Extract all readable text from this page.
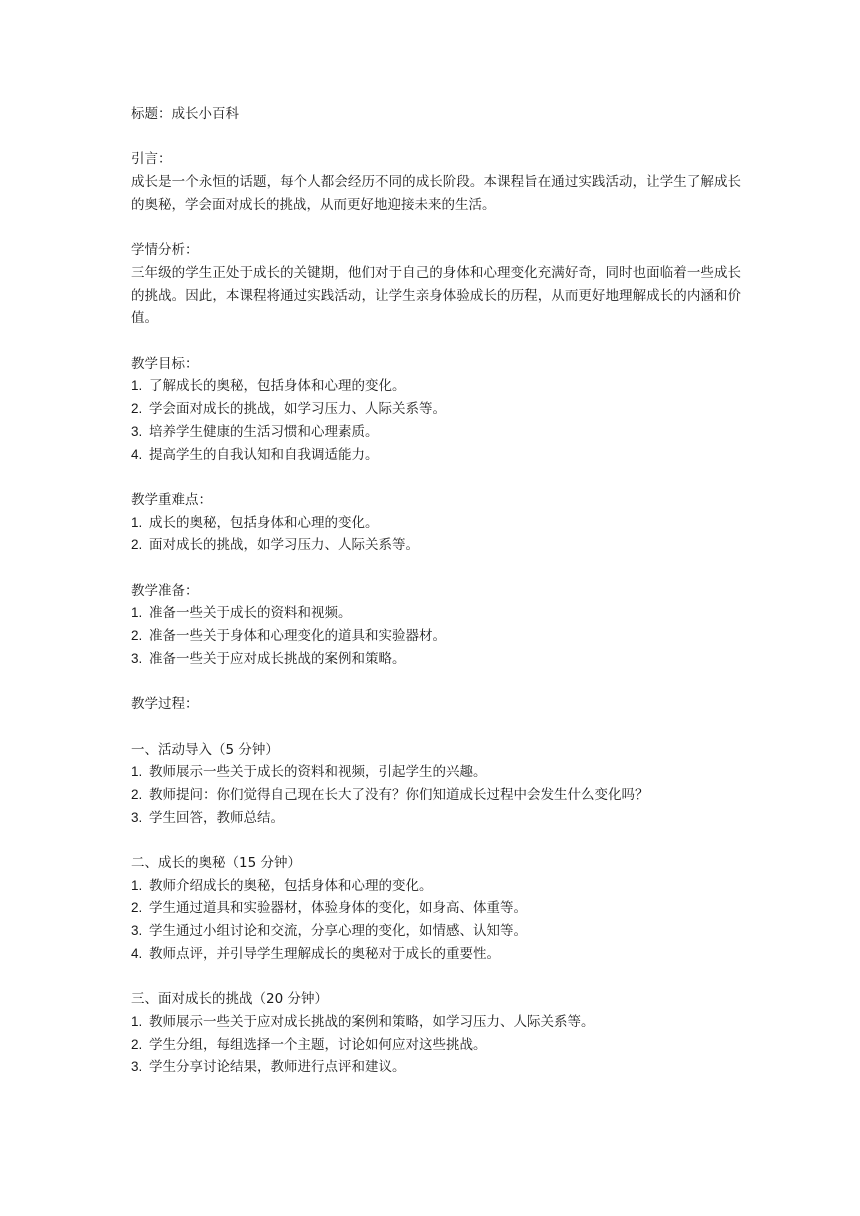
标题：成长小百科
引言：
成长是一个永恒的话题，每个人都会经历不同的成长阶段。本课程旨在通过实践活动，让学生了解成长的奥秘，学会面对成长的挑战，从而更好地迎接未来的生活。
学情分析：
三年级的学生正处于成长的关键期，他们对于自己的身体和心理变化充满好奇，同时也面临着一些成长的挑战。因此，本课程将通过实践活动，让学生亲身体验成长的历程，从而更好地理解成长的内涵和价值。
教学目标：
1. 了解成长的奥秘，包括身体和心理的变化。
2. 学会面对成长的挑战，如学习压力、人际关系等。
3. 培养学生健康的生活习惯和心理素质。
4. 提高学生的自我认知和自我调适能力。
教学重难点：
1. 成长的奥秘，包括身体和心理的变化。
2. 面对成长的挑战，如学习压力、人际关系等。
教学准备：
1. 准备一些关于成长的资料和视频。
2. 准备一些关于身体和心理变化的道具和实验器材。
3. 准备一些关于应对成长挑战的案例和策略。
教学过程：
一、活动导入（5 分钟）
1. 教师展示一些关于成长的资料和视频，引起学生的兴趣。
2. 教师提问：你们觉得自己现在长大了没有？你们知道成长过程中会发生什么变化吗？
3. 学生回答，教师总结。
二、成长的奥秘（15 分钟）
1. 教师介绍成长的奥秘，包括身体和心理的变化。
2. 学生通过道具和实验器材，体验身体的变化，如身高、体重等。
3. 学生通过小组讨论和交流，分享心理的变化，如情感、认知等。
4. 教师点评，并引导学生理解成长的奥秘对于成长的重要性。
三、面对成长的挑战（20 分钟）
1. 教师展示一些关于应对成长挑战的案例和策略，如学习压力、人际关系等。
2. 学生分组，每组选择一个主题，讨论如何应对这些挑战。
3. 学生分享讨论结果，教师进行点评和建议。
